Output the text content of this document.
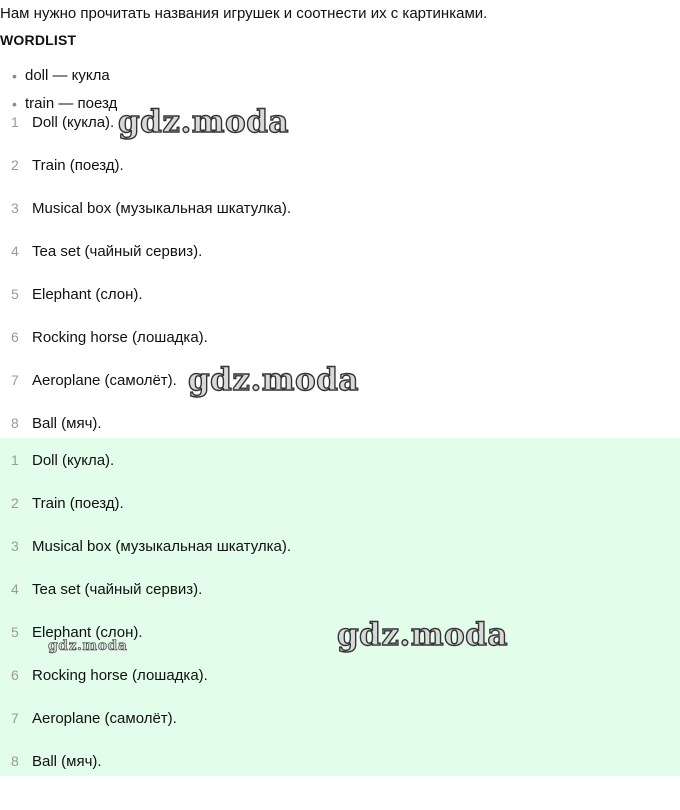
Нам нужно прочитать названия игрушек и соотнести их с картинками.
WORDLIST
• doll — кукла
• train — поезд
1 Doll (кукла).
2 Train (поезд).
3 Musical box (музыкальная шкатулка).
4 Tea set (чайный сервиз).
5 Elephant (слон).
6 Rocking horse (лошадка).
7 Aeroplane (самолёт).
8 Ball (мяч).
1 Doll (кукла).
2 Train (поезд).
3 Musical box (музыкальная шкатулка).
4 Tea set (чайный сервиз).
5 Elephant (слон).
6 Rocking horse (лошадка).
7 Aeroplane (самолёт).
8 Ball (мяч).
gdz.moda
gdz.moda
gdz.moda
gdz.moda
